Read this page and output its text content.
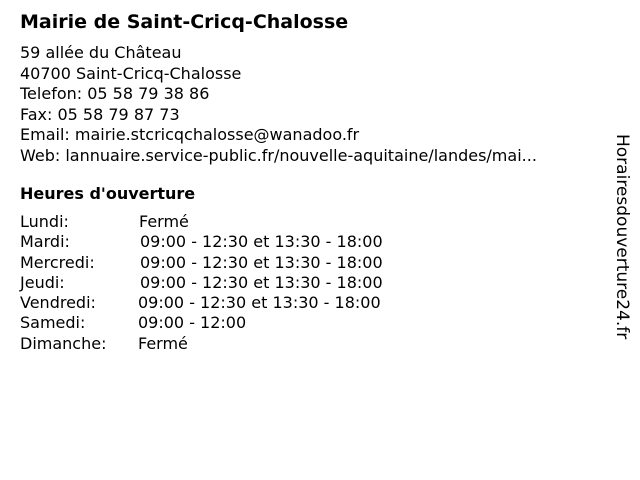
Mairie de Saint-Cricq-Chalosse
59 allée du Château
40700 Saint-Cricq-Chalosse
Telefon: 05 58 79 38 86
Fax: 05 58 79 87 73
Email: mairie.stcricqchalosse@wanadoo.fr
Web: lannuaire.service-public.fr/nouvelle-aquitaine/landes/mai...
Heures d'ouverture
Lundi:	Fermé
Mardi:	09:00 - 12:30 et 13:30 - 18:00
Mercredi:	09:00 - 12:30 et 13:30 - 18:00
Jeudi:	09:00 - 12:30 et 13:30 - 18:00
Vendredi:	09:00 - 12:30 et 13:30 - 18:00
Samedi:	09:00 - 12:00
Dimanche: Fermé
Horairesdouverture24.fr
